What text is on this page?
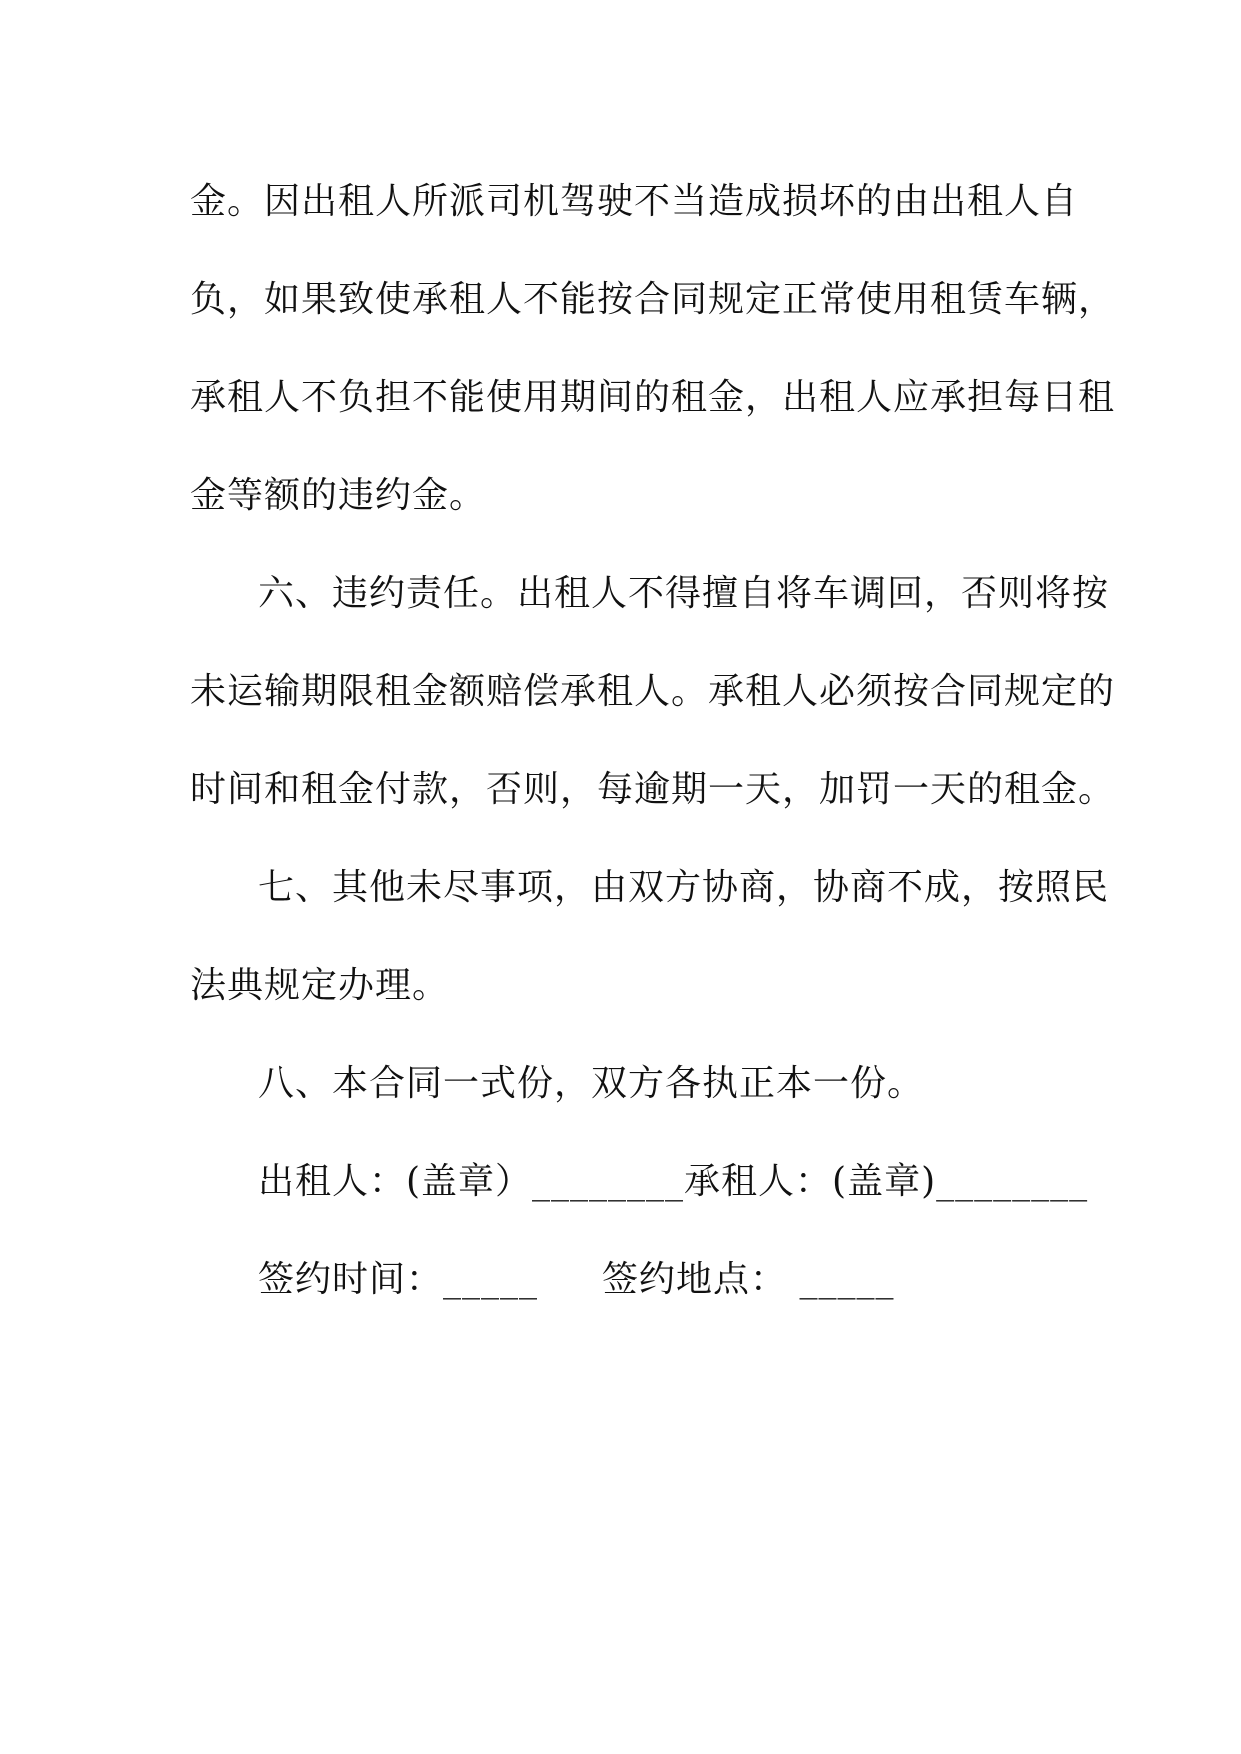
金。因出租人所派司机驾驶不当造成损坏的由出租人自
负，如果致使承租人不能按合同规定正常使用租赁车辆，
承租人不负担不能使用期间的租金，出租人应承担每日租
金等额的违约金。
六、违约责任。出租人不得擅自将车调回，否则将按
未运输期限租金额赔偿承租人。承租人必须按合同规定的
时间和租金付款，否则，每逾期一天，加罚一天的租金。
七、其他未尽事项，由双方协商，协商不成，按照民
法典规定办理。
八、本合同一式份，双方各执正本一份。
出租人：(盖章）________承租人：(盖章)________
签约时间：_____ 签约地点： _____
